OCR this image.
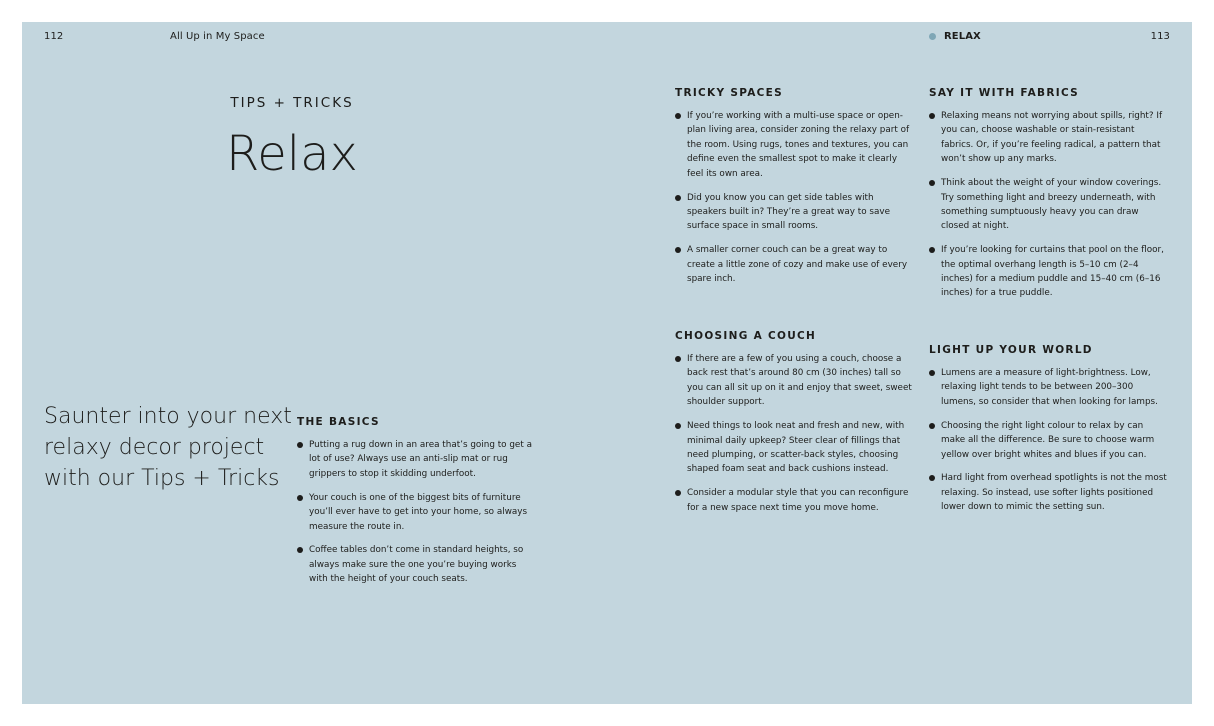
112	All Up in My Space	RELAX	113
TIPS + TRICKS
Relax

Saunter into your next relaxy decor project with our Tips + Tricks

THE BASICS
Putting a rug down in an area that’s going to get a lot of use? Always use an anti-slip mat or rug grippers to stop it skidding underfoot.
Your couch is one of the biggest bits of furniture you’ll ever have to get into your home, so always measure the route in.
Coffee tables don’t come in standard heights, so always make sure the one you’re buying works with the height of your couch seats.
TRICKY SPACES
If you’re working with a multi-use space or open-plan living area, consider zoning the relaxy part of the room. Using rugs, tones and textures, you can define even the smallest spot to make it clearly feel its own area.
Did you know you can get side tables with speakers built in? They’re a great way to save surface space in small rooms.
A smaller corner couch can be a great way to create a little zone of cozy and make use of every spare inch.
CHOOSING A COUCH
If there are a few of you using a couch, choose a back rest that’s around 80 cm (30 inches) tall so you can all sit up on it and enjoy that sweet, sweet shoulder support.
Need things to look neat and fresh and new, with minimal daily upkeep? Steer clear of fillings that need plumping, or scatter-back styles, choosing shaped foam seat and back cushions instead.
Consider a modular style that you can reconfigure for a new space next time you move home.
SAY IT WITH FABRICS
Relaxing means not worrying about spills, right? If you can, choose washable or stain-resistant fabrics. Or, if you’re feeling radical, a pattern that won’t show up any marks.
Think about the weight of your window coverings. Try something light and breezy underneath, with something sumptuously heavy you can draw closed at night.
If you’re looking for curtains that pool on the floor, the optimal overhang length is 5–10 cm (2–4 inches) for a medium puddle and 15–40 cm (6–16 inches) for a true puddle.
LIGHT UP YOUR WORLD
Lumens are a measure of light-brightness. Low, relaxing light tends to be between 200–300 lumens, so consider that when looking for lamps.
Choosing the right light colour to relax by can make all the difference. Be sure to choose warm yellow over bright whites and blues if you can.
Hard light from overhead spotlights is not the most relaxing. So instead, use softer lights positioned lower down to mimic the setting sun.
